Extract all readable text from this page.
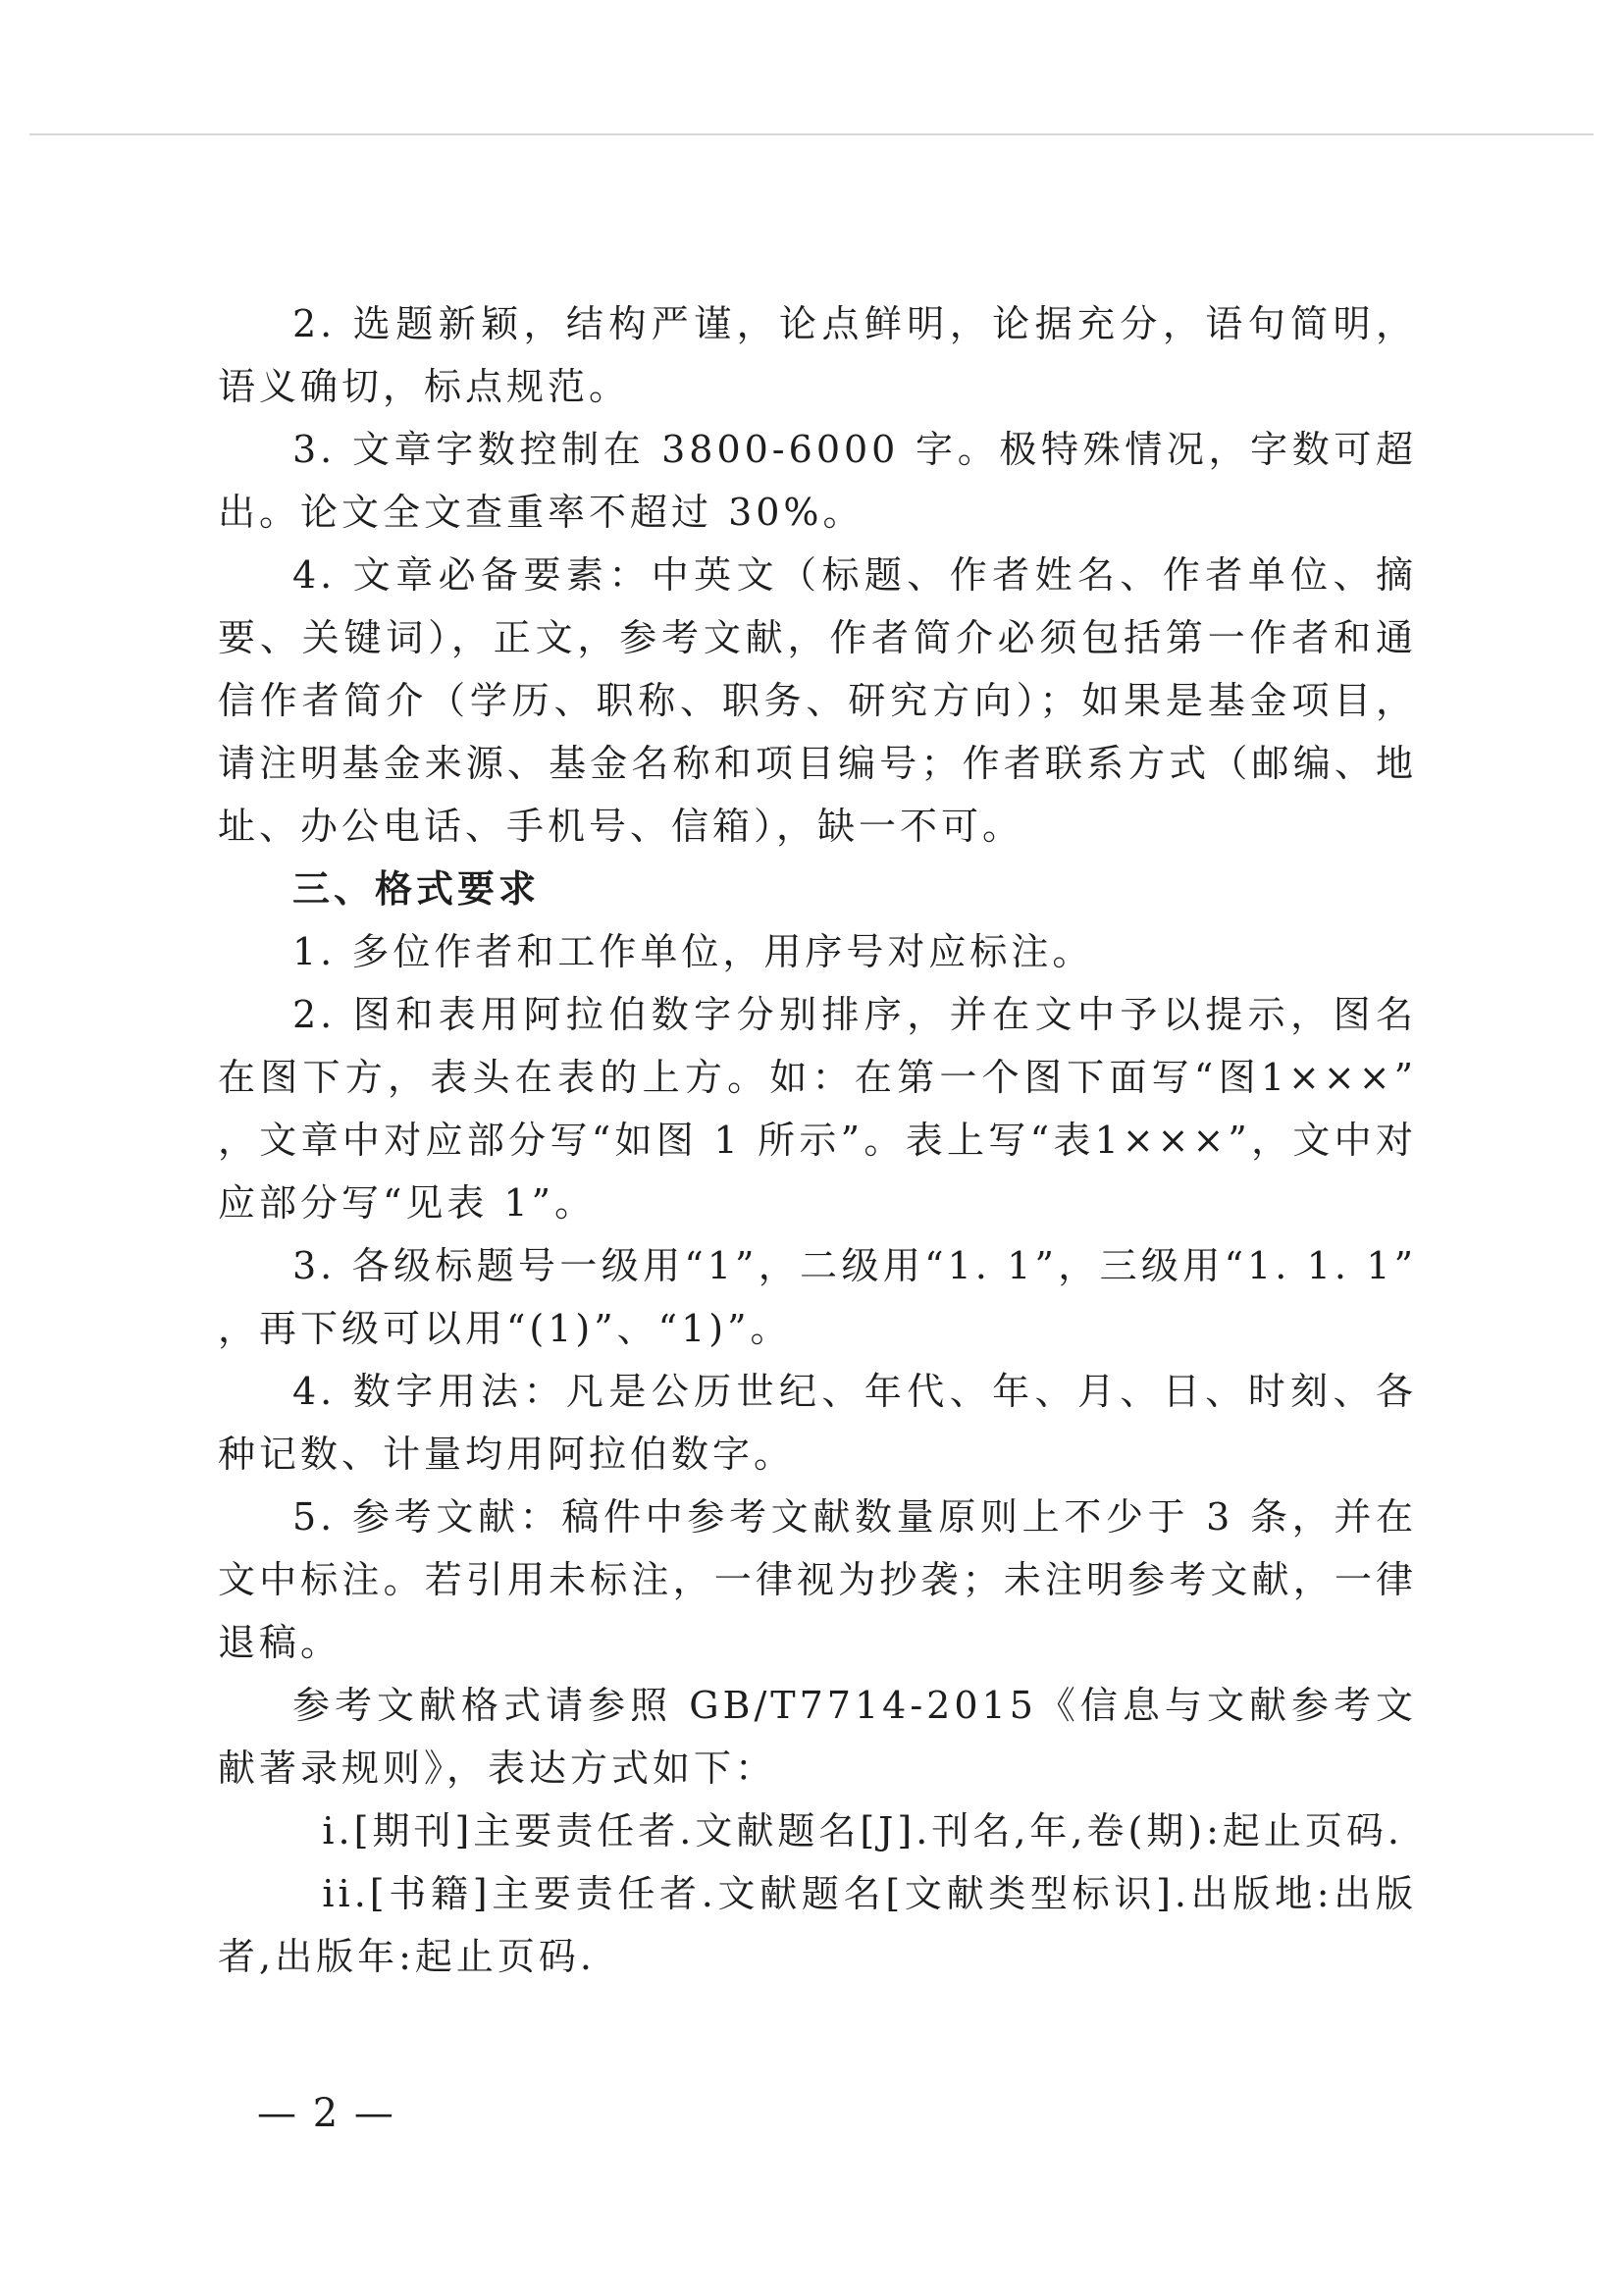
2. 选题新颖，结构严谨，论点鲜明，论据充分，语句简明，语义确切，标点规范。

3. 文章字数控制在 3800-6000 字。极特殊情况，字数可超出。论文全文查重率不超过 30%。

4. 文章必备要素：中英文（标题、作者姓名、作者单位、摘要、关键词），正文，参考文献，作者简介必须包括第一作者和通信作者简介（学历、职称、职务、研究方向）；如果是基金项目，请注明基金来源、基金名称和项目编号；作者联系方式（邮编、地址、办公电话、手机号、信箱），缺一不可。

三、格式要求

1. 多位作者和工作单位，用序号对应标注。

2. 图和表用阿拉伯数字分别排序，并在文中予以提示，图名在图下方，表头在表的上方。如：在第一个图下面写“图1×××”，文章中对应部分写“如图 1 所示”。表上写“表1×××”，文中对应部分写“见表 1”。

3. 各级标题号一级用“1”，二级用“1. 1”，三级用“1. 1. 1”，再下级可以用“(1)”、“1)”。

4. 数字用法：凡是公历世纪、年代、年、月、日、时刻、各种记数、计量均用阿拉伯数字。

5. 参考文献：稿件中参考文献数量原则上不少于 3 条，并在文中标注。若引用未标注，一律视为抄袭；未注明参考文献，一律退稿。

参考文献格式请参照 GB/T7714-2015《信息与文献参考文献著录规则》，表达方式如下：

i.[期刊]主要责任者.文献题名[J].刊名,年,卷(期):起止页码.

ii.[书籍]主要责任者.文献题名[文献类型标识].出版地:出版者,出版年:起止页码.

— 2 —
